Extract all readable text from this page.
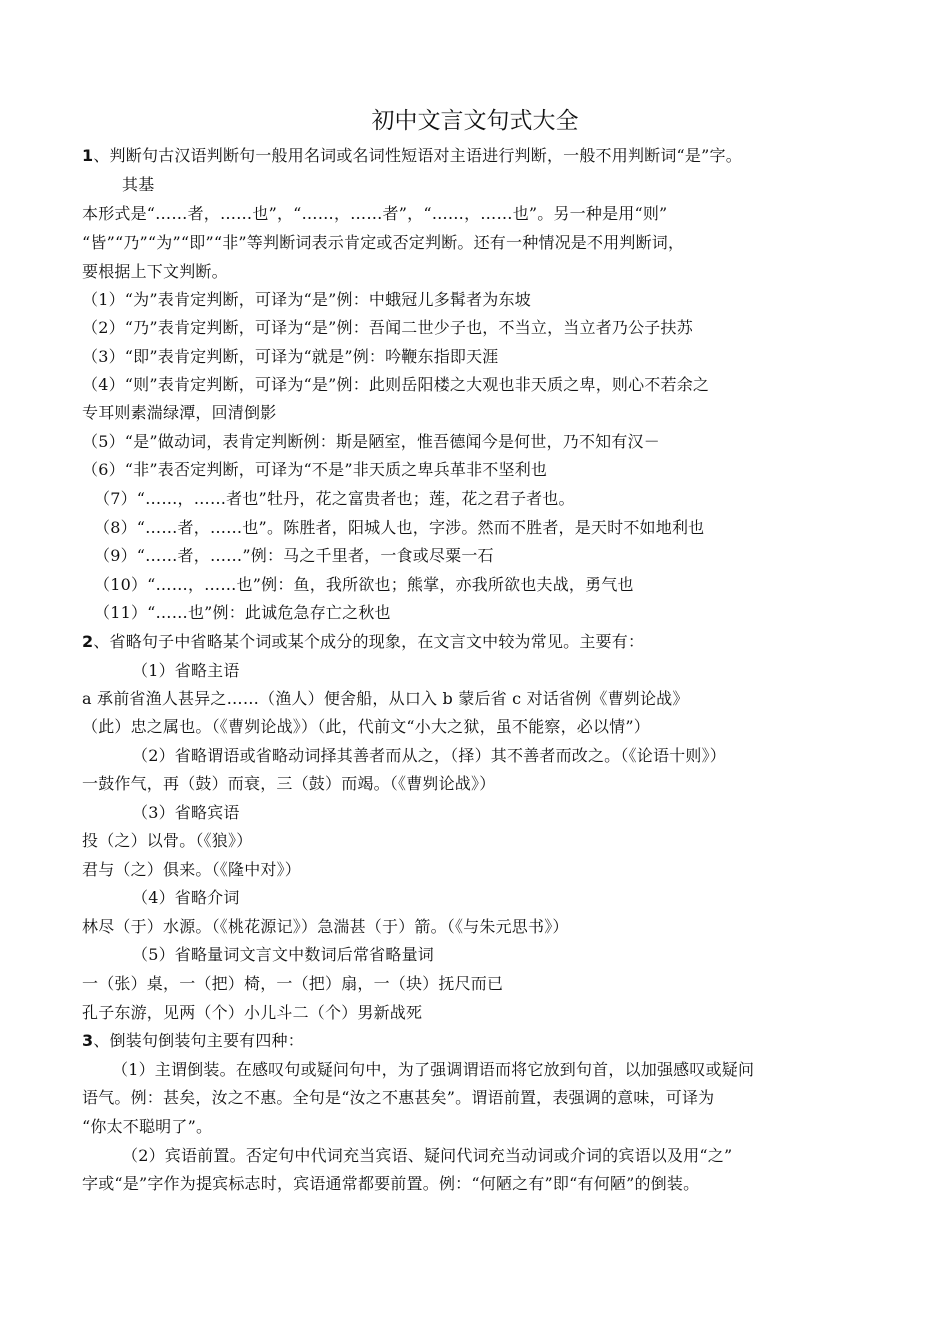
初中文言文句式大全
1、判断句古汉语判断句一般用名词或名词性短语对主语进行判断，一般不用判断词“是”字。
其基
本形式是“……者，……也”，“……，……者”，“……，……也”。另一种是用“则”
“皆”“乃”“为”“即”“非”等判断词表示肯定或否定判断。还有一种情况是不用判断词，
要根据上下文判断。
（1）“为”表肯定判断，可译为“是”例：中蛾冠儿多髯者为东坡
（2）“乃”表肯定判断，可译为“是”例：吾闻二世少子也，不当立，当立者乃公子扶苏
（3）“即”表肯定判断，可译为“就是”例：吟鞭东指即天涯
（4）“则”表肯定判断，可译为“是”例：此则岳阳楼之大观也非天质之卑，则心不若余之
专耳则素湍绿潭，回清倒影
（5）“是”做动词，表肯定判断例：斯是陋室，惟吾德闻今是何世，乃不知有汉－
（6）“非”表否定判断，可译为“不是”非天质之卑兵革非不坚利也
（7）“……，……者也”牡丹，花之富贵者也；莲，花之君子者也。
（8）“……者，……也”。陈胜者，阳城人也，字涉。然而不胜者，是天时不如地利也
（9）“……者，……”例：马之千里者，一食或尽粟一石
（10）“……，……也”例：鱼，我所欲也；熊掌，亦我所欲也夫战，勇气也
（11）“……也”例：此诚危急存亡之秋也
2、省略句子中省略某个词或某个成分的现象，在文言文中较为常见。主要有：
（1）省略主语
a 承前省渔人甚异之……（渔人）便舍船，从口入 b 蒙后省 c 对话省例《曹刿论战》
（此）忠之属也。（《曹刿论战》）（此，代前文“小大之狱，虽不能察，必以情”）
（2）省略谓语或省略动词择其善者而从之，（择）其不善者而改之。（《论语十则》）
一鼓作气，再（鼓）而衰，三（鼓）而竭。（《曹刿论战》）
（3）省略宾语
投（之）以骨。（《狼》）
君与（之）俱来。（《隆中对》）
（4）省略介词
林尽（于）水源。（《桃花源记》）急湍甚（于）箭。（《与朱元思书》）
（5）省略量词文言文中数词后常省略量词
一（张）桌，一（把）椅，一（把）扇，一（块）抚尺而已
孔子东游，见两（个）小儿斗二（个）男新战死
3、倒装句倒装句主要有四种：
（1）主谓倒装。在感叹句或疑问句中，为了强调谓语而将它放到句首，以加强感叹或疑问
语气。例：甚矣，汝之不惠。全句是“汝之不惠甚矣”。谓语前置，表强调的意味，可译为
“你太不聪明了”。
（2）宾语前置。否定句中代词充当宾语、疑问代词充当动词或介词的宾语以及用“之”
字或“是”字作为提宾标志时，宾语通常都要前置。例：“何陋之有”即“有何陋”的倒装。
